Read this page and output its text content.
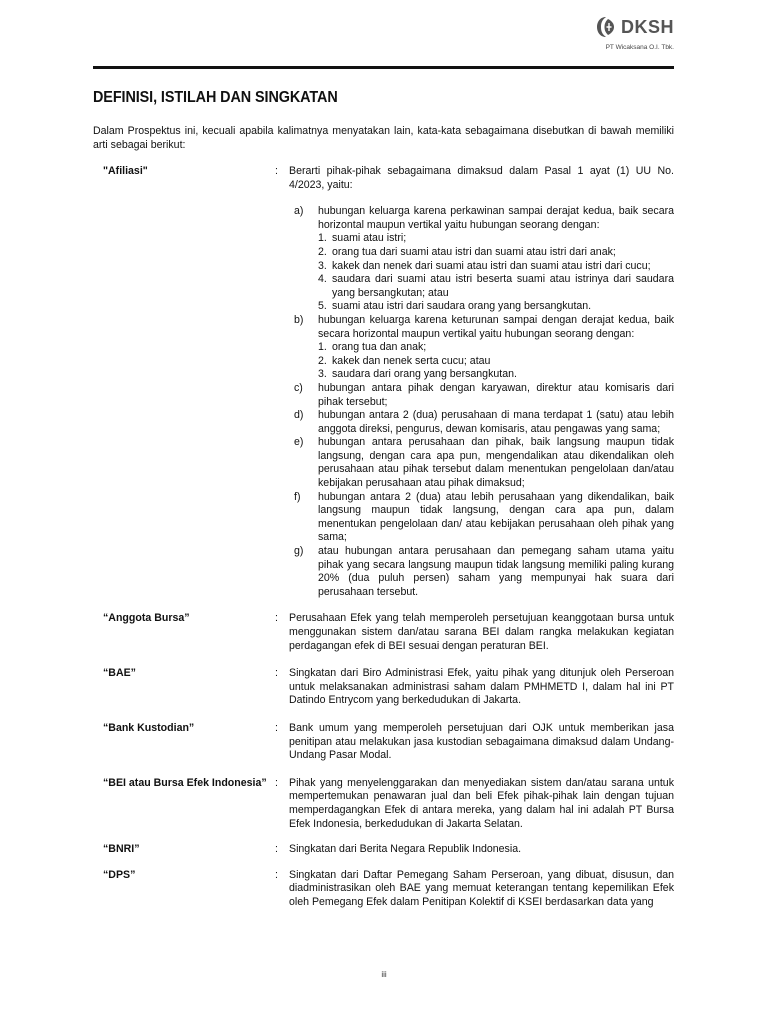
DKSH
PT Wicaksana O.I. Tbk.
DEFINISI, ISTILAH DAN SINGKATAN
Dalam Prospektus ini, kecuali apabila kalimatnya menyatakan lain, kata-kata sebagaimana disebutkan di bawah memiliki arti sebagai berikut:
"Afiliasi"	:	Berarti pihak-pihak sebagaimana dimaksud dalam Pasal 1 ayat (1) UU No. 4/2023, yaitu:
a)	hubungan keluarga karena perkawinan sampai derajat kedua, baik secara horizontal maupun vertikal yaitu hubungan seorang dengan:
1. suami atau istri;
2. orang tua dari suami atau istri dan suami atau istri dari anak;
3. kakek dan nenek dari suami atau istri dan suami atau istri dari cucu;
4. saudara dari suami atau istri beserta suami atau istrinya dari saudara yang bersangkutan; atau
5. suami atau istri dari saudara orang yang bersangkutan.
b)	hubungan keluarga karena keturunan sampai dengan derajat kedua, baik secara horizontal maupun vertikal yaitu hubungan seorang dengan:
1. orang tua dan anak;
2. kakek dan nenek serta cucu; atau
3. saudara dari orang yang bersangkutan.
c)	hubungan antara pihak dengan karyawan, direktur atau komisaris dari pihak tersebut;
d)	hubungan antara 2 (dua) perusahaan di mana terdapat 1 (satu) atau lebih anggota direksi, pengurus, dewan komisaris, atau pengawas yang sama;
e)	hubungan antara perusahaan dan pihak, baik langsung maupun tidak langsung, dengan cara apa pun, mengendalikan atau dikendalikan oleh perusahaan atau pihak tersebut dalam menentukan pengelolaan dan/atau kebijakan perusahaan atau pihak dimaksud;
f)	hubungan antara 2 (dua) atau lebih perusahaan yang dikendalikan, baik langsung maupun tidak langsung, dengan cara apa pun, dalam menentukan pengelolaan dan/ atau kebijakan perusahaan oleh pihak yang sama;
g)	atau hubungan antara perusahaan dan pemegang saham utama yaitu pihak yang secara langsung maupun tidak langsung memiliki paling kurang 20% (dua puluh persen) saham yang mempunyai hak suara dari perusahaan tersebut.
“Anggota Bursa”	:	Perusahaan Efek yang telah memperoleh persetujuan keanggotaan bursa untuk menggunakan sistem dan/atau sarana BEI dalam rangka melakukan kegiatan perdagangan efek di BEI sesuai dengan peraturan BEI.
“BAE”	:	Singkatan dari Biro Administrasi Efek, yaitu pihak yang ditunjuk oleh Perseroan untuk melaksanakan administrasi saham dalam PMHMETD I, dalam hal ini PT Datindo Entrycom yang berkedudukan di Jakarta.
“Bank Kustodian”	:	Bank umum yang memperoleh persetujuan dari OJK untuk memberikan jasa penitipan atau melakukan jasa kustodian sebagaimana dimaksud dalam Undang-Undang Pasar Modal.
“BEI atau Bursa Efek Indonesia” :	Pihak yang menyelenggarakan dan menyediakan sistem dan/atau sarana untuk mempertemukan penawaran jual dan beli Efek pihak-pihak lain dengan tujuan memperdagangkan Efek di antara mereka, yang dalam hal ini adalah PT Bursa Efek Indonesia, berkedudukan di Jakarta Selatan.
“BNRI”	:	Singkatan dari Berita Negara Republik Indonesia.
“DPS”	:	Singkatan dari Daftar Pemegang Saham Perseroan, yang dibuat, disusun, dan diadministrasikan oleh BAE yang memuat keterangan tentang kepemilikan Efek oleh Pemegang Efek dalam Penitipan Kolektif di KSEI berdasarkan data yang
iii
